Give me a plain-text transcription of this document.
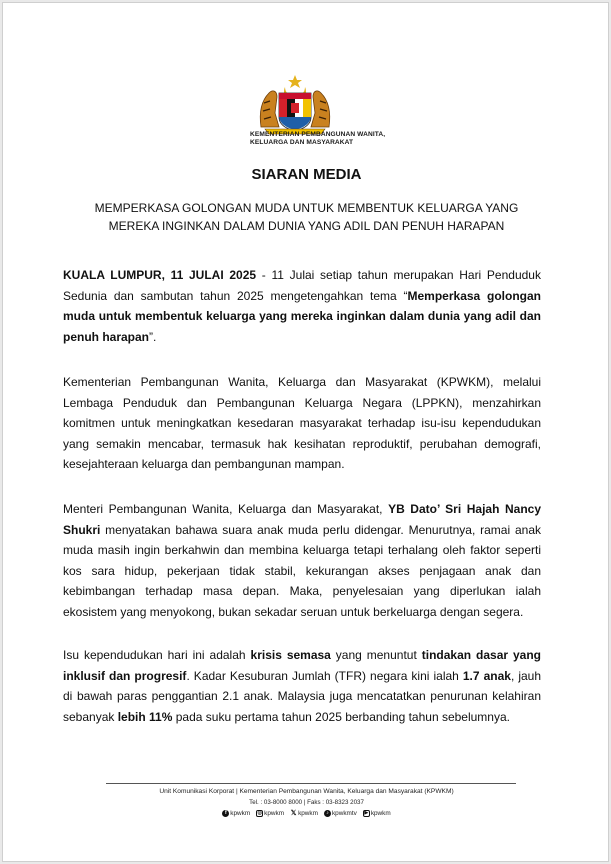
KEMENTERIAN PEMBANGUNAN WANITA,
KELUARGA DAN MASYARAKAT
SIARAN MEDIA
MEMPERKASA GOLONGAN MUDA UNTUK MEMBENTUK KELUARGA YANG
MEREKA INGINKAN DALAM DUNIA YANG ADIL DAN PENUH HARAPAN
KUALA LUMPUR, 11 JULAI 2025 - 11 Julai setiap tahun merupakan Hari Penduduk Sedunia dan sambutan tahun 2025 mengetengahkan tema “Memperkasa golongan muda untuk membentuk keluarga yang mereka inginkan dalam dunia yang adil dan penuh harapan”.
Kementerian Pembangunan Wanita, Keluarga dan Masyarakat (KPWKM), melalui Lembaga Penduduk dan Pembangunan Keluarga Negara (LPPKN), menzahirkan komitmen untuk meningkatkan kesedaran masyarakat terhadap isu-isu kependudukan yang semakin mencabar, termasuk hak kesihatan reproduktif, perubahan demografi, kesejahteraan keluarga dan pembangunan mampan.
Menteri Pembangunan Wanita, Keluarga dan Masyarakat, YB Dato’ Sri Hajah Nancy Shukri menyatakan bahawa suara anak muda perlu didengar. Menurutnya, ramai anak muda masih ingin berkahwin dan membina keluarga tetapi terhalang oleh faktor seperti kos sara hidup, pekerjaan tidak stabil, kekurangan akses penjagaan anak dan kebimbangan terhadap masa depan. Maka, penyelesaian yang diperlukan ialah ekosistem yang menyokong, bukan sekadar seruan untuk berkeluarga dengan segera.
Isu kependudukan hari ini adalah krisis semasa yang menuntut tindakan dasar yang inklusif dan progresif. Kadar Kesuburan Jumlah (TFR) negara kini ialah 1.7 anak, jauh di bawah paras penggantian 2.1 anak. Malaysia juga mencatatkan penurunan kelahiran sebanyak lebih 11% pada suku pertama tahun 2025 berbanding tahun sebelumnya.
Unit Komunikasi Korporat | Kementerian Pembangunan Wanita, Keluarga dan Masyarakat (KPWKM)
Tel. : 03-8000 8000 | Faks : 03-8323 2037
f kpwkm ◎ kpwkm 𝕏 kpwkm	♪ kpwkmtv	▶ kpwkm
